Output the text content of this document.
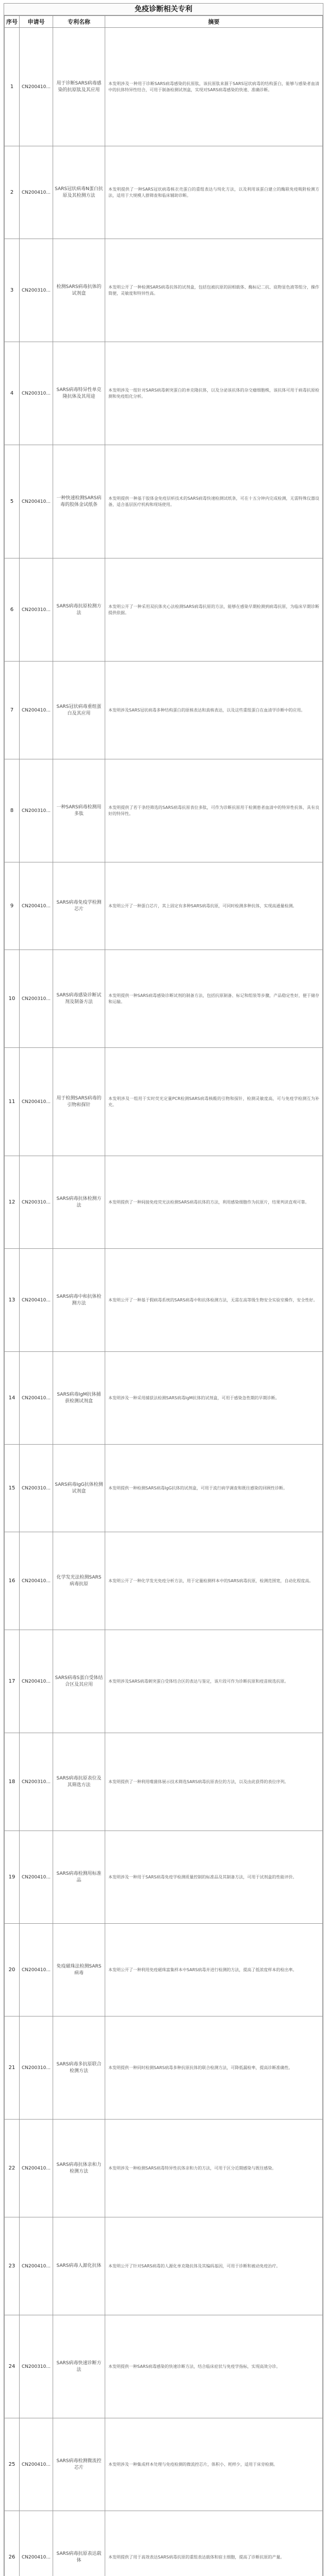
免疫诊断相关专利
序号	申请号	专利名称	摘要
1	CN200410...	用于诊断SARS病毒感染的抗原肽及其应用	本发明涉及一种用于诊断SARS病毒感染的抗原肽，该抗原肽来源于SARS冠状病毒的结构蛋白，能够与感染者血清中的抗体特异性结合，可用于制备检测试剂盒，实现对SARS病毒感染的快速、准确诊断。
2	CN200410...	SARS冠状病毒N蛋白抗原及其检测方法	本发明提供了一种SARS冠状病毒核衣壳蛋白的重组表达与纯化方法，以及利用该蛋白建立的酶联免疫吸附检测方法，适用于大规模人群筛查和临床辅助诊断。
3	CN200310...	检测SARS病毒抗体的试剂盒	本发明公开了一种检测SARS病毒抗体的试剂盒，包括包被抗原的固相载体、酶标记二抗、底物显色液等组分，操作简便，灵敏度和特异性高。
4	CN200310...	SARS病毒特异性单克隆抗体及其用途	本发明涉及一组针对SARS病毒刺突蛋白的单克隆抗体，以及分泌该抗体的杂交瘤细胞株，该抗体可用于病毒抗原检测和免疫组化分析。
5	CN200410...	一种快速检测SARS病毒的胶体金试纸条	本发明提供一种基于胶体金免疫层析技术的SARS病毒快速检测试纸条，可在十五分钟内完成检测，无需特殊仪器设备，适合基层医疗机构和现场使用。
6	CN200310...	SARS病毒抗原检测方法	本发明公开了一种采用双抗体夹心法检测SARS病毒抗原的方法，能够在感染早期检测到病毒抗原，为临床早期诊断提供依据。
7	CN200410...	SARS冠状病毒重组蛋白及其应用	本发明涉及SARS冠状病毒多种结构蛋白的原核表达和真核表达，以及这些重组蛋白在血清学诊断中的应用。
8	CN200310...	一种SARS病毒检测用多肽	本发明提供了若干条经筛选的SARS病毒抗原表位多肽，可作为诊断抗原用于检测患者血清中的特异性抗体，具有良好的特异性。
9	CN200410...	SARS病毒免疫学检测芯片	本发明公开了一种蛋白芯片，其上固定有多种SARS病毒抗原，可同时检测多种抗体，实现高通量检测。
10	CN200310...	SARS病毒感染诊断试剂及制备方法	本发明提供一种SARS病毒感染诊断试剂的制备方法，包括抗原制备、标记和组装等步骤，产品稳定性好，便于储存和运输。
11	CN200410...	用于检测SARS病毒的引物和探针	本发明涉及一组用于实时荧光定量PCR检测SARS病毒核酸的引物和探针，检测灵敏度高，可与免疫学检测互为补充。
12	CN200310...	SARS病毒抗体检测方法	本发明提供了一种间接免疫荧光法检测SARS病毒抗体的方法，利用感染细胞作为抗原片，结果判读直观可靠。
13	CN200410...	SARS病毒中和抗体检测方法	本发明公开了一种基于假病毒系统的SARS病毒中和抗体检测方法，无需在高等级生物安全实验室操作，安全性好。
14	CN200410...	SARS病毒IgM抗体捕获检测试剂盒	本发明涉及一种采用捕获法检测SARS病毒IgM抗体的试剂盒，可用于感染急性期的早期诊断。
15	CN200310...	SARS病毒IgG抗体检测试剂盒	本发明提供一种检测SARS病毒IgG抗体的试剂盒，可用于流行病学调查和既往感染的回顾性诊断。
16	CN200410...	化学发光法检测SARS病毒抗原	本发明公开了一种化学发光免疫分析方法，用于定量检测样本中的SARS病毒抗原，检测范围宽，自动化程度高。
17	CN200410...	SARS病毒S蛋白受体结合区及其应用	本发明涉及SARS病毒刺突蛋白受体结合区的表达与鉴定，该片段可作为诊断抗原和疫苗候选抗原。
18	CN200310...	SARS病毒抗原表位及其筛选方法	本发明提供了一种利用噬菌体展示技术筛选SARS病毒抗原表位的方法，以及由此获得的表位序列。
19	CN200410...	SARS病毒检测用标准品	本发明涉及一种用于SARS病毒免疫学检测质量控制的标准品及其制备方法，可用于试剂盒的性能评价。
20	CN200410...	免疫磁珠法检测SARS病毒	本发明公开了一种利用免疫磁珠富集样本中SARS病毒并进行检测的方法，提高了低浓度样本的检出率。
21	CN200310...	SARS病毒多抗原联合检测方法	本发明提供一种同时检测SARS病毒多种抗原抗体的联合检测方法，可降低漏检率，提高诊断准确性。
22	CN200410...	SARS病毒抗体亲和力检测方法	本发明涉及一种检测SARS病毒特异性抗体亲和力的方法，可用于区分近期感染与既往感染。
23	CN200410...	SARS病毒人源化抗体	本发明公开了针对SARS病毒的人源化单克隆抗体及其编码基因，可用于诊断和被动免疫治疗。
24	CN200310...	SARS病毒快速诊断方法	本发明提供一种SARS病毒感染的快速诊断方法，结合临床症状与免疫学指标，实现高效分诊。
25	CN200410...	SARS病毒检测微流控芯片	本发明涉及一种集成样本处理与免疫检测的微流控芯片，体积小、耗样少，适用于床旁检测。
26	CN200410...	SARS病毒抗原表达载体	本发明提供了用于高效表达SARS病毒抗原的重组表达载体和宿主细胞，提高了诊断抗原的产量。
